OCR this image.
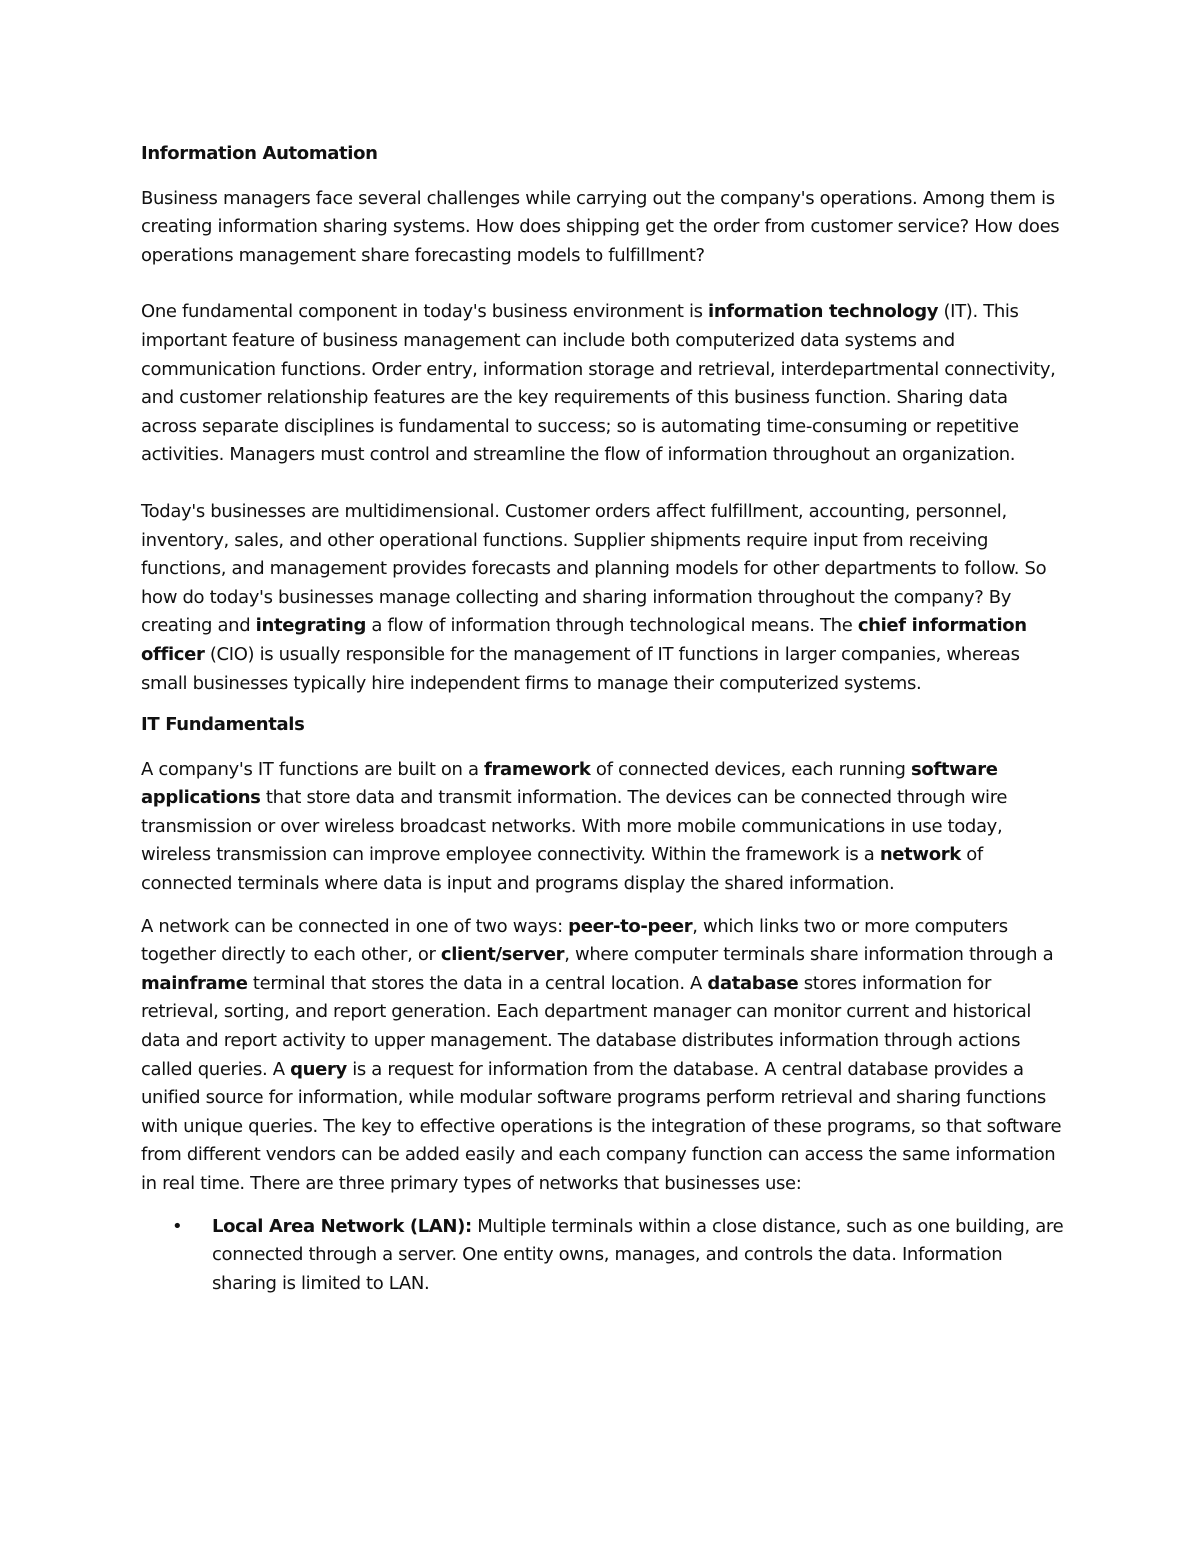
Information Automation

Business managers face several challenges while carrying out the company's operations. Among them is creating information sharing systems. How does shipping get the order from customer service? How does operations management share forecasting models to fulfillment?

One fundamental component in today's business environment is information technology (IT). This important feature of business management can include both computerized data systems and communication functions. Order entry, information storage and retrieval, interdepartmental connectivity, and customer relationship features are the key requirements of this business function. Sharing data across separate disciplines is fundamental to success; so is automating time-consuming or repetitive activities. Managers must control and streamline the flow of information throughout an organization.

Today's businesses are multidimensional. Customer orders affect fulfillment, accounting, personnel, inventory, sales, and other operational functions. Supplier shipments require input from receiving functions, and management provides forecasts and planning models for other departments to follow. So how do today's businesses manage collecting and sharing information throughout the company? By creating and integrating a flow of information through technological means. The chief information officer (CIO) is usually responsible for the management of IT functions in larger companies, whereas small businesses typically hire independent firms to manage their computerized systems.

IT Fundamentals

A company's IT functions are built on a framework of connected devices, each running software applications that store data and transmit information. The devices can be connected through wire transmission or over wireless broadcast networks. With more mobile communications in use today, wireless transmission can improve employee connectivity. Within the framework is a network of connected terminals where data is input and programs display the shared information.

A network can be connected in one of two ways: peer-to-peer, which links two or more computers together directly to each other, or client/server, where computer terminals share information through a mainframe terminal that stores the data in a central location. A database stores information for retrieval, sorting, and report generation. Each department manager can monitor current and historical data and report activity to upper management. The database distributes information through actions called queries. A query is a request for information from the database. A central database provides a unified source for information, while modular software programs perform retrieval and sharing functions with unique queries. The key to effective operations is the integration of these programs, so that software from different vendors can be added easily and each company function can access the same information in real time. There are three primary types of networks that businesses use:

• Local Area Network (LAN): Multiple terminals within a close distance, such as one building, are connected through a server. One entity owns, manages, and controls the data. Information sharing is limited to LAN.
